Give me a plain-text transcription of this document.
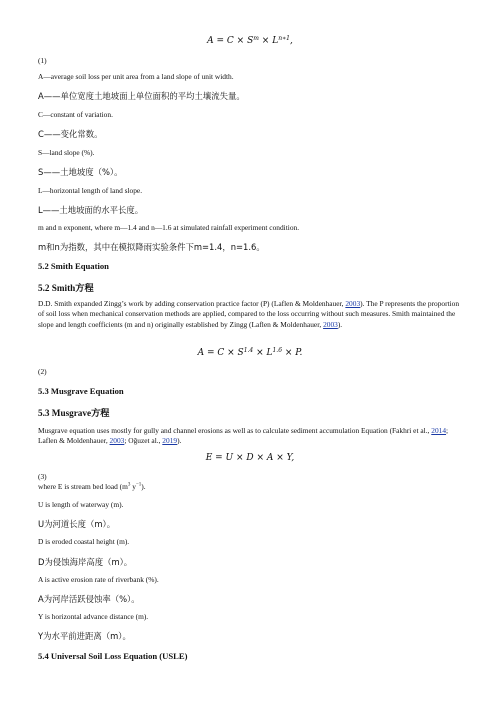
$A = C \times S^m \times L^{n∗1}$,
(1)
A—average soil loss per unit area from a land slope of unit width.
A——单位宽度土地坡面上单位面积的平均土壤流失量。
C—constant of variation.
C——变化常数。
S—land slope (%).
S——土地坡度（%）。
L—horizontal length of land slope.
L——土地坡面的水平长度。
m and n exponent, where m—1.4 and n—1.6 at simulated rainfall experiment condition.
m和n为指数，其中在模拟降雨实验条件下m=1.4，n=1.6。
5.2 Smith Equation
5.2 Smith方程
D.D. Smith expanded Zingg’s work by adding conservation practice factor (P) (Laflen & Moldenhauer, 2003). The P represents the proportion of soil loss when mechanical conservation methods are applied, compared to the loss occurring without such measures. Smith maintained the slope and length coefficients (m and n) originally established by Zingg (Laflen & Moldenhauer, 2003).
$A = C \times S^{1.4} \times L^{1.6} \times P$.
(2)
5.3 Musgrave Equation
5.3 Musgrave方程
Musgrave equation uses mostly for gully and channel erosions as well as to calculate sediment accumulation Equation (Fakhri et al., 2014; Laflen & Moldenhauer, 2003; Oğuzet al., 2019).
E = U × D × A × Y,
(3)
where E is stream bed load ($m^3$ $y^{-1}$).
U is length of waterway (m).
U为河道长度（m）。
D is eroded coastal height (m).
D为侵蚀海岸高度（m）。
A is active erosion rate of riverbank (%).
A为河岸活跃侵蚀率（%）。
Y is horizontal advance distance (m).
Y为水平前进距离（m）。
5.4 Universal Soil Loss Equation (USLE)
